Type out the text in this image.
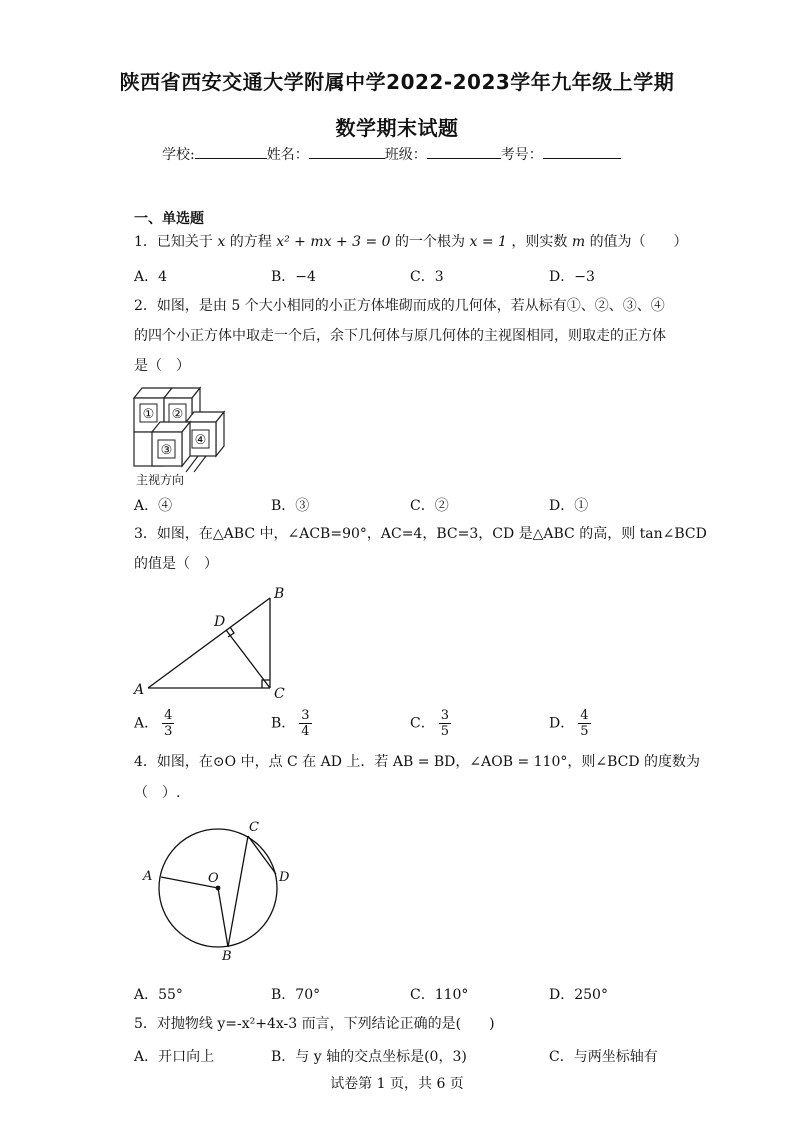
陕西省西安交通大学附属中学2022-2023学年九年级上学期
数学期末试题
学校:	姓名：	班级：	考号：
一、单选题
1．已知关于 x 的方程 x² + mx + 3 = 0 的一个根为 x = 1 ，则实数 m 的值为（　　）
A．4	B．−4	C．3	D．−3
2．如图，是由 5 个大小相同的小正方体堆砌而成的几何体，若从标有①、②、③、④
的四个小正方体中取走一个后，余下几何体与原几何体的主视图相同，则取走的正方体
是（　）
① ②
③
④
主视方向
A．④	B．③	C．②	D．①
3．如图，在△ABC 中，∠ACB=90°，AC=4，BC=3，CD 是△ABC 的高，则 tan∠BCD
的值是（　）
A
B
C
D
A． $\frac{4}{3}$	B． $\frac{3}{4}$	C． $\frac{3}{5}$	D． $\frac{4}{5}$
4．如图，在⊙O 中，点 C 在 AD 上．若 AB = BD，∠AOB = 110°，则∠BCD 的度数为
（　）.
A
B
C
D
O
A．55°	B．70°	C．110°	D．250°
5．对抛物线 y=-x²+4x-3 而言，下列结论正确的是(　　)
A．开口向上	B．与 y 轴的交点坐标是(0，3)	C．与两坐标轴有
试卷第 1 页，共 6 页
